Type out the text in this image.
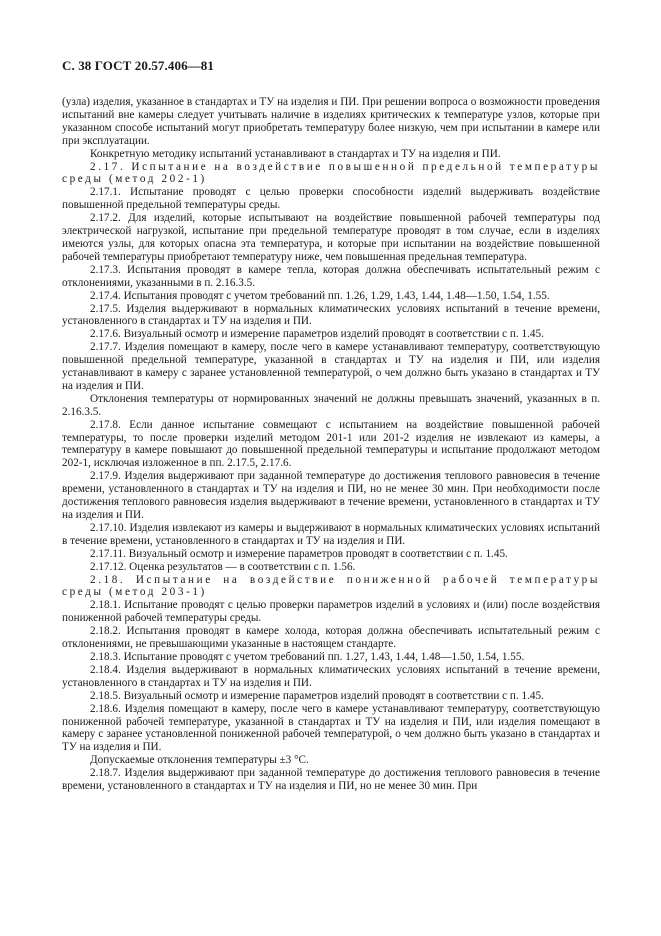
С. 38 ГОСТ 20.57.406—81

(узла) изделия, указанное в стандартах и ТУ на изделия и ПИ. При решении вопроса о возможности проведения испытаний вне камеры следует учитывать наличие в изделиях критических к температуре узлов, которые при указанном способе испытаний могут приобретать температуру более низкую, чем при испытании в камере или при эксплуатации.

Конкретную методику испытаний устанавливают в стандартах и ТУ на изделия и ПИ.

2.17. Испытание на воздействие повышенной предельной температуры среды (метод 202-1)

2.17.1. Испытание проводят с целью проверки способности изделий выдерживать воздействие повышенной предельной температуры среды.

2.17.2. Для изделий, которые испытывают на воздействие повышенной рабочей температуры под электрической нагрузкой, испытание при предельной температуре проводят в том случае, если в изделиях имеются узлы, для которых опасна эта температура, и которые при испытании на воздействие повышенной рабочей температуры приобретают температуру ниже, чем повышенная предельная температура.

2.17.3. Испытания проводят в камере тепла, которая должна обеспечивать испытательный режим с отклонениями, указанными в п. 2.16.3.5.

2.17.4. Испытания проводят с учетом требований пп. 1.26, 1.29, 1.43, 1.44, 1.48—1.50, 1.54, 1.55.

2.17.5. Изделия выдерживают в нормальных климатических условиях испытаний в течение времени, установленного в стандартах и ТУ на изделия и ПИ.

2.17.6. Визуальный осмотр и измерение параметров изделий проводят в соответствии с п. 1.45.

2.17.7. Изделия помещают в камеру, после чего в камере устанавливают температуру, соответствующую повышенной предельной температуре, указанной в стандартах и ТУ на изделия и ПИ, или изделия устанавливают в камеру с заранее установленной температурой, о чем должно быть указано в стандартах и ТУ на изделия и ПИ.

Отклонения температуры от нормированных значений не должны превышать значений, указанных в п. 2.16.3.5.

2.17.8. Если данное испытание совмещают с испытанием на воздействие повышенной рабочей температуры, то после проверки изделий методом 201-1 или 201-2 изделия не извлекают из камеры, а температуру в камере повышают до повышенной предельной температуры и испытание продолжают методом 202-1, исключая изложенное в пп. 2.17.5, 2.17.6.

2.17.9. Изделия выдерживают при заданной температуре до достижения теплового равновесия в течение времени, установленного в стандартах и ТУ на изделия и ПИ, но не менее 30 мин. При необходимости после достижения теплового равновесия изделия выдерживают в течение времени, установленного в стандартах и ТУ на изделия и ПИ.

2.17.10. Изделия извлекают из камеры и выдерживают в нормальных климатических условиях испытаний в течение времени, установленного в стандартах и ТУ на изделия и ПИ.

2.17.11. Визуальный осмотр и измерение параметров проводят в соответствии с п. 1.45.

2.17.12. Оценка результатов — в соответствии с п. 1.56.

2.18. Испытание на воздействие пониженной рабочей температуры среды (метод 203-1)

2.18.1. Испытание проводят с целью проверки параметров изделий в условиях и (или) после воздействия пониженной рабочей температуры среды.

2.18.2. Испытания проводят в камере холода, которая должна обеспечивать испытательный режим с отклонениями, не превышающими указанные в настоящем стандарте.

2.18.3. Испытание проводят с учетом требований пп. 1.27, 1.43, 1.44, 1.48—1.50, 1.54, 1.55.

2.18.4. Изделия выдерживают в нормальных климатических условиях испытаний в течение времени, установленного в стандартах и ТУ на изделия и ПИ.

2.18.5. Визуальный осмотр и измерение параметров изделий проводят в соответствии с п. 1.45.

2.18.6. Изделия помещают в камеру, после чего в камере устанавливают температуру, соответствующую пониженной рабочей температуре, указанной в стандартах и ТУ на изделия и ПИ, или изделия помещают в камеру с заранее установленной пониженной рабочей температурой, о чем должно быть указано в стандартах и ТУ на изделия и ПИ.

Допускаемые отклонения температуры ±3 °С.

2.18.7. Изделия выдерживают при заданной температуре до достижения теплового равновесия в течение времени, установленного в стандартах и ТУ на изделия и ПИ, но не менее 30 мин. При
